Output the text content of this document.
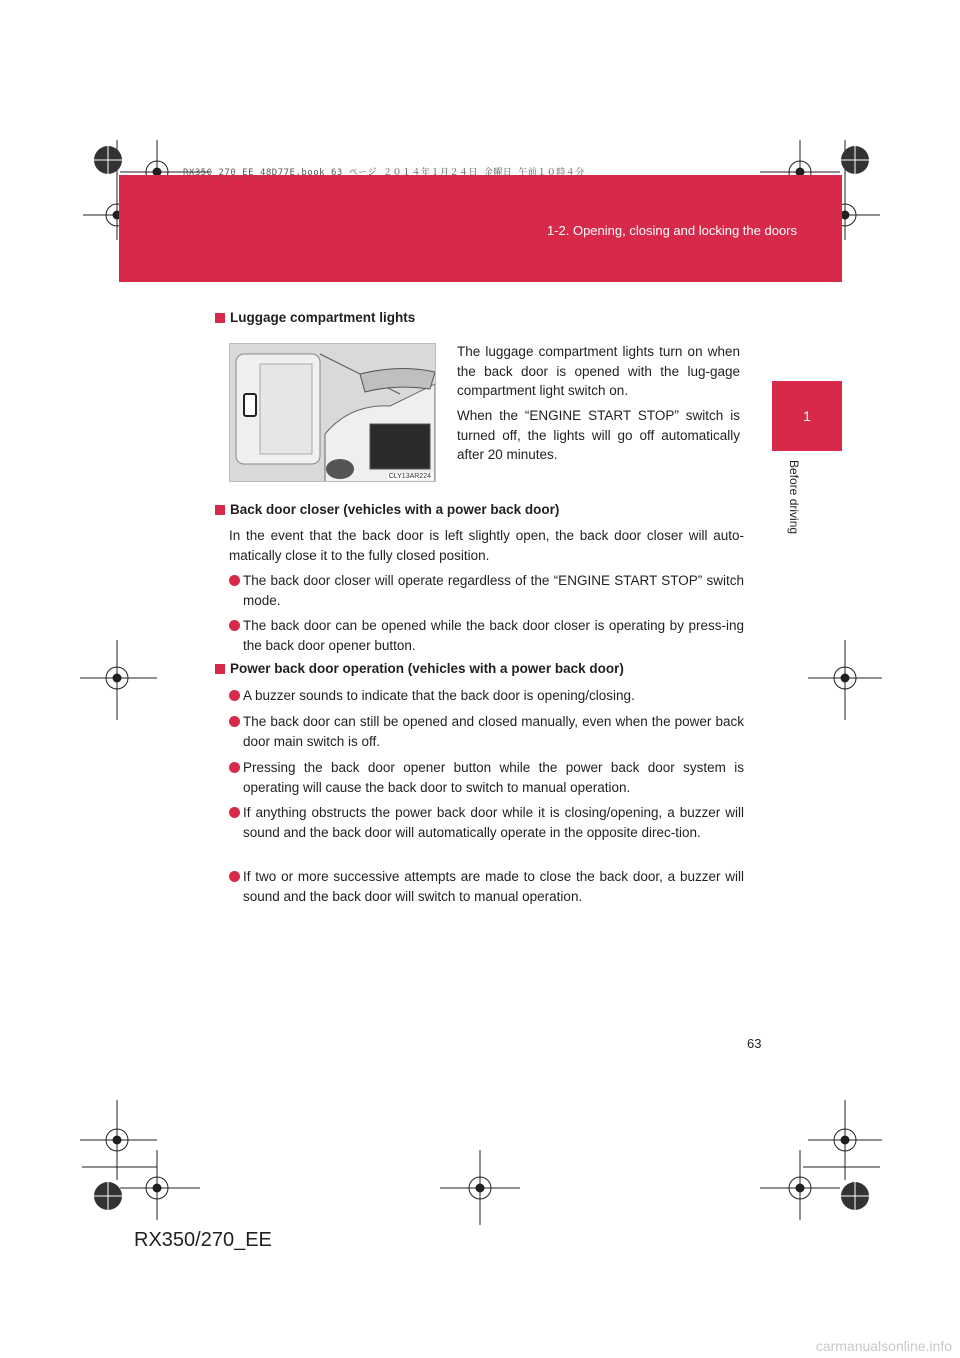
1-2. Opening, closing and locking the doors
RX350_270_EE_48D77E.book 63 ページ ２０１４年１月２４日 金曜日 午前１０時４分
1
Before driving
Luggage compartment lights
CLY13AR224
The luggage compartment lights turn on when the back door is opened with the lug-gage compartment light switch on.
When the “ENGINE START STOP” switch is turned off, the lights will go off automatically after 20 minutes.
Back door closer (vehicles with a power back door)
In the event that the back door is left slightly open, the back door closer will auto-matically close it to the fully closed position.
The back door closer will operate regardless of the “ENGINE START STOP” switch mode.
The back door can be opened while the back door closer is operating by press-ing the back door opener button.
Power back door operation (vehicles with a power back door)
A buzzer sounds to indicate that the back door is opening/closing.
The back door can still be opened and closed manually, even when the power back door main switch is off.
Pressing the back door opener button while the power back door system is operating will cause the back door to switch to manual operation.
If anything obstructs the power back door while it is closing/opening, a buzzer will sound and the back door will automatically operate in the opposite direc-tion.
If two or more successive attempts are made to close the back door, a buzzer will sound and the back door will switch to manual operation.
63
RX350/270_EE
carmanualsonline.info
